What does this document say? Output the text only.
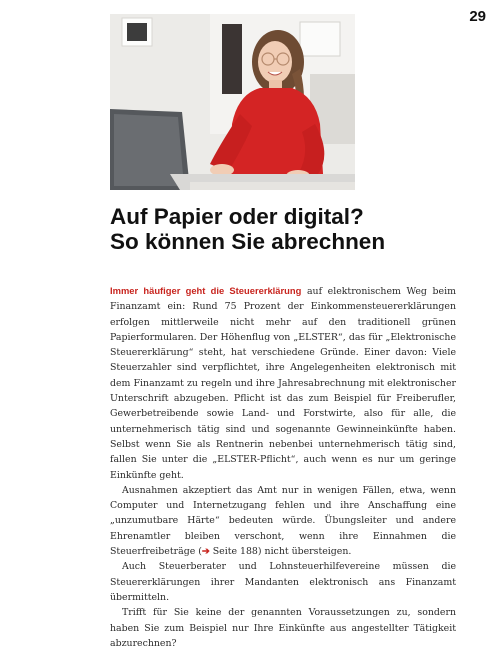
29
Auf Papier oder digital?
So können Sie abrechnen

Immer häufiger geht die Steuererklärung auf elektronischem Weg beim Finanzamt ein: Rund 75 Prozent der Einkommensteuererklärungen erfolgen mittlerweile nicht mehr auf den traditionell grünen Papierformularen. Der Höhenflug von „ELSTER“, das für „Elektronische Steuererklärung“ steht, hat verschiedene Gründe. Einer davon: Viele Steuerzahler sind verpflichtet, ihre Angelegenheiten elektronisch mit dem Finanzamt zu regeln und ihre Jahresabrechnung mit elektronischer Unterschrift abzugeben. Pflicht ist das zum Beispiel für Freiberufler, Gewerbetreibende sowie Land- und Forstwirte, also für alle, die unternehmerisch tätig sind und sogenannte Gewinneinkünfte haben. Selbst wenn Sie als Rentnerin nebenbei unternehmerisch tätig sind, fallen Sie unter die „ELSTER-Pflicht“, auch wenn es nur um geringe Einkünfte geht.

Ausnahmen akzeptiert das Amt nur in wenigen Fällen, etwa, wenn Computer und Internetzugang fehlen und ihre Anschaffung eine „unzumutbare Härte“ bedeuten würde. Übungsleiter und andere Ehrenamtler bleiben verschont, wenn ihre Einnahmen die Steuerfreibeträge (➔ Seite 188) nicht übersteigen.

Auch Steuerberater und Lohnsteuerhilfevereine müssen die Steuererklärungen ihrer Mandanten elektronisch ans Finanzamt übermitteln.

Trifft für Sie keine der genannten Voraussetzungen zu, sondern haben Sie zum Beispiel nur Ihre Einkünfte aus angestellter Tätigkeit abzurechnen?
